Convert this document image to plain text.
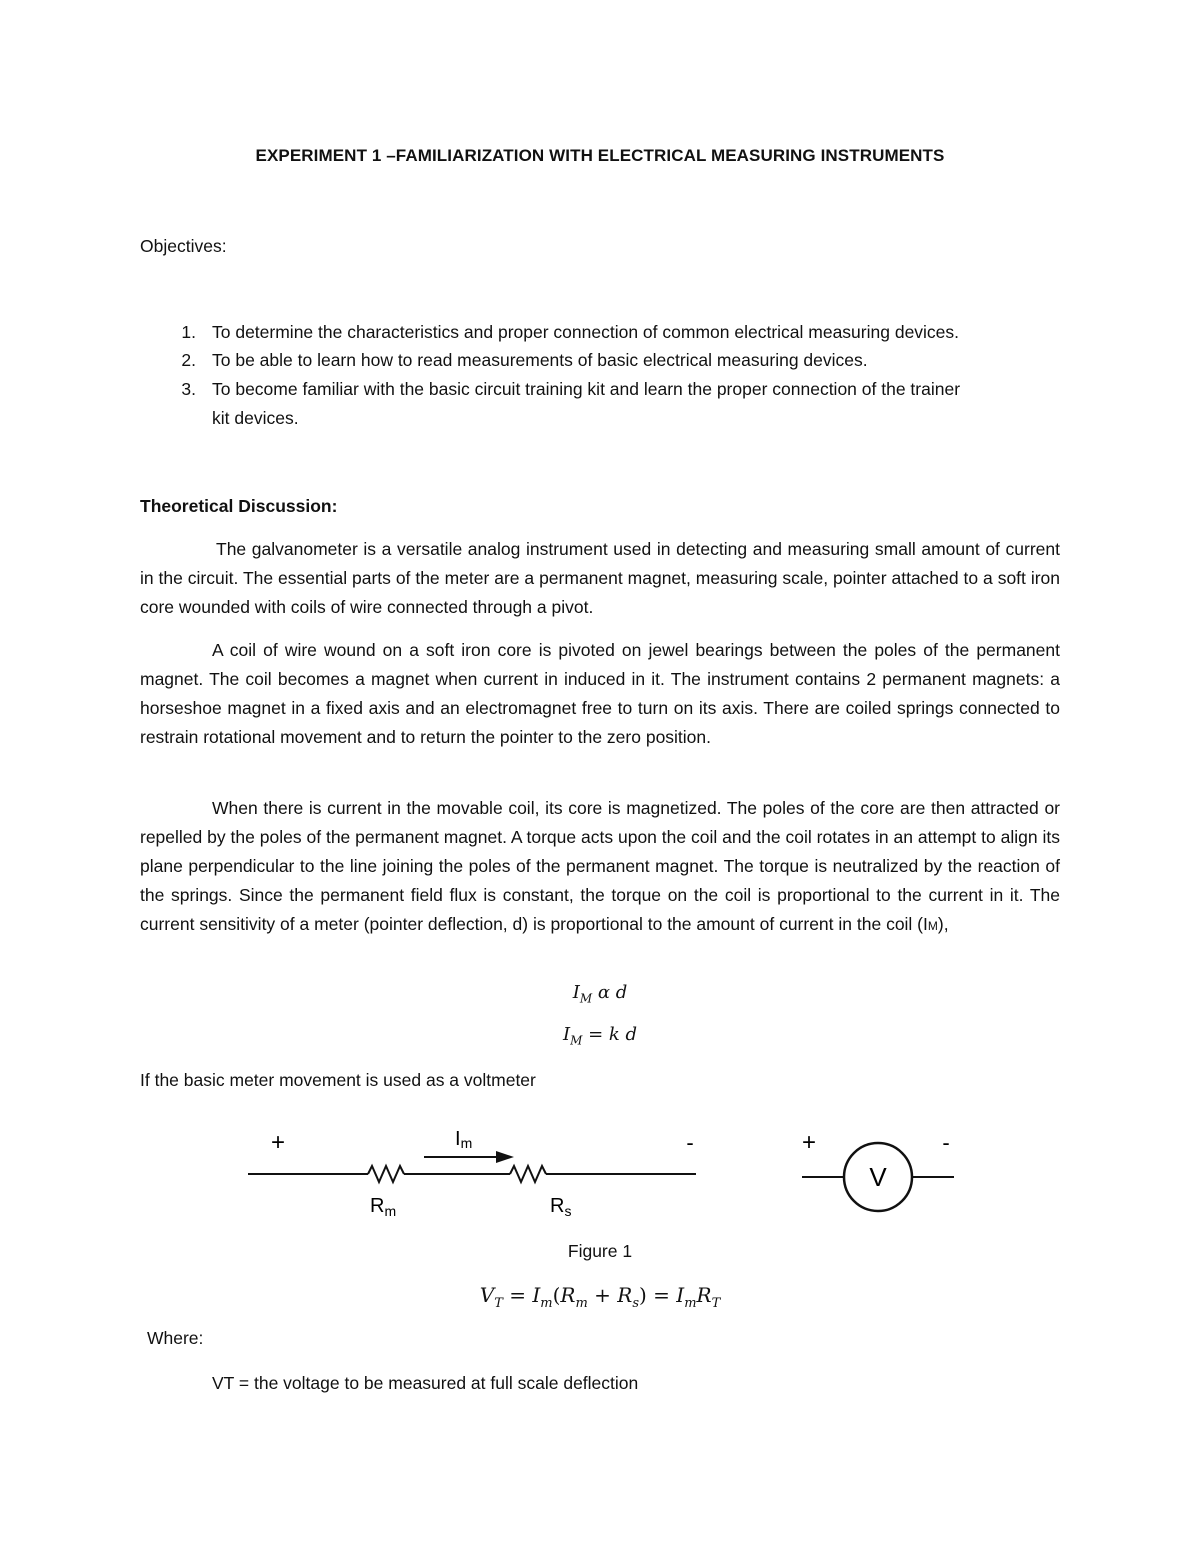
EXPERIMENT 1 –FAMILIARIZATION WITH ELECTRICAL MEASURING INSTRUMENTS
Objectives:
1. To determine the characteristics and proper connection of common electrical measuring devices.
2. To be able to learn how to read measurements of basic electrical measuring devices.
3. To become familiar with the basic circuit training kit and learn the proper connection of the trainer
kit devices.
Theoretical Discussion:
The galvanometer is a versatile analog instrument used in detecting and measuring small amount of current in the circuit. The essential parts of the meter are a permanent magnet, measuring scale, pointer attached to a soft iron core wounded with coils of wire connected through a pivot.
A coil of wire wound on a soft iron core is pivoted on jewel bearings between the poles of the permanent magnet. The coil becomes a magnet when current in induced in it. The instrument contains 2 permanent magnets: a horseshoe magnet in a fixed axis and an electromagnet free to turn on its axis. There are coiled springs connected to restrain rotational movement and to return the pointer to the zero position.
When there is current in the movable coil, its core is magnetized. The poles of the core are then attracted or repelled by the poles of the permanent magnet. A torque acts upon the coil and the coil rotates in an attempt to align its plane perpendicular to the line joining the poles of the permanent magnet. The torque is neutralized by the reaction of the springs. Since the permanent field flux is constant, the torque on the coil is proportional to the current in it. The current sensitivity of a meter (pointer deflection, d) is proportional to the amount of current in the coil (IM),
$I_M$ α d
$I_M = k$ d
If the basic meter movement is used as a voltmeter
+	-
Im
$R_m$	$R_s$
+	-
V
Figure 1
$V_T = I_m(R_m + R_s) = I_mR_T$
Where:
VT = the voltage to be measured at full scale deflection
